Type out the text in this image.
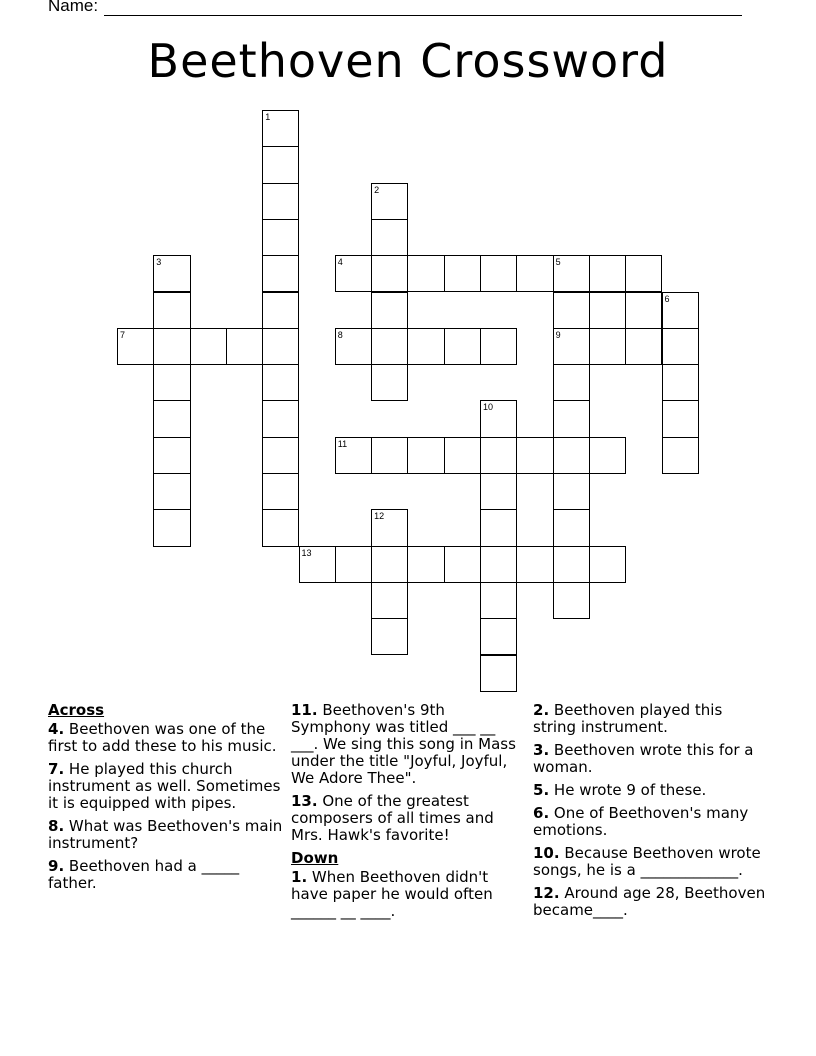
Name:
Beethoven Crossword
1
2
3	4	5
9
6
7	8
10
11
12
13
Across
4. Beethoven was one of the first to add these to his music.
7. He played this church instrument as well. Sometimes it is equipped with pipes.
8. What was Beethoven's main instrument?
9. Beethoven had a _____ father.
11. Beethoven's 9th Symphony was titled ___ __ ___. We sing this song in Mass under the title "Joyful, Joyful, We Adore Thee".
13. One of the greatest composers of all times and Mrs. Hawk's favorite!
Down
1. When Beethoven didn't have paper he would often ______ __ ____.
2. Beethoven played this string instrument.
3. Beethoven wrote this for a woman.
5. He wrote 9 of these.
6. One of Beethoven's many emotions.
10. Because Beethoven wrote songs, he is a _____________.
12. Around age 28, Beethoven became____.
